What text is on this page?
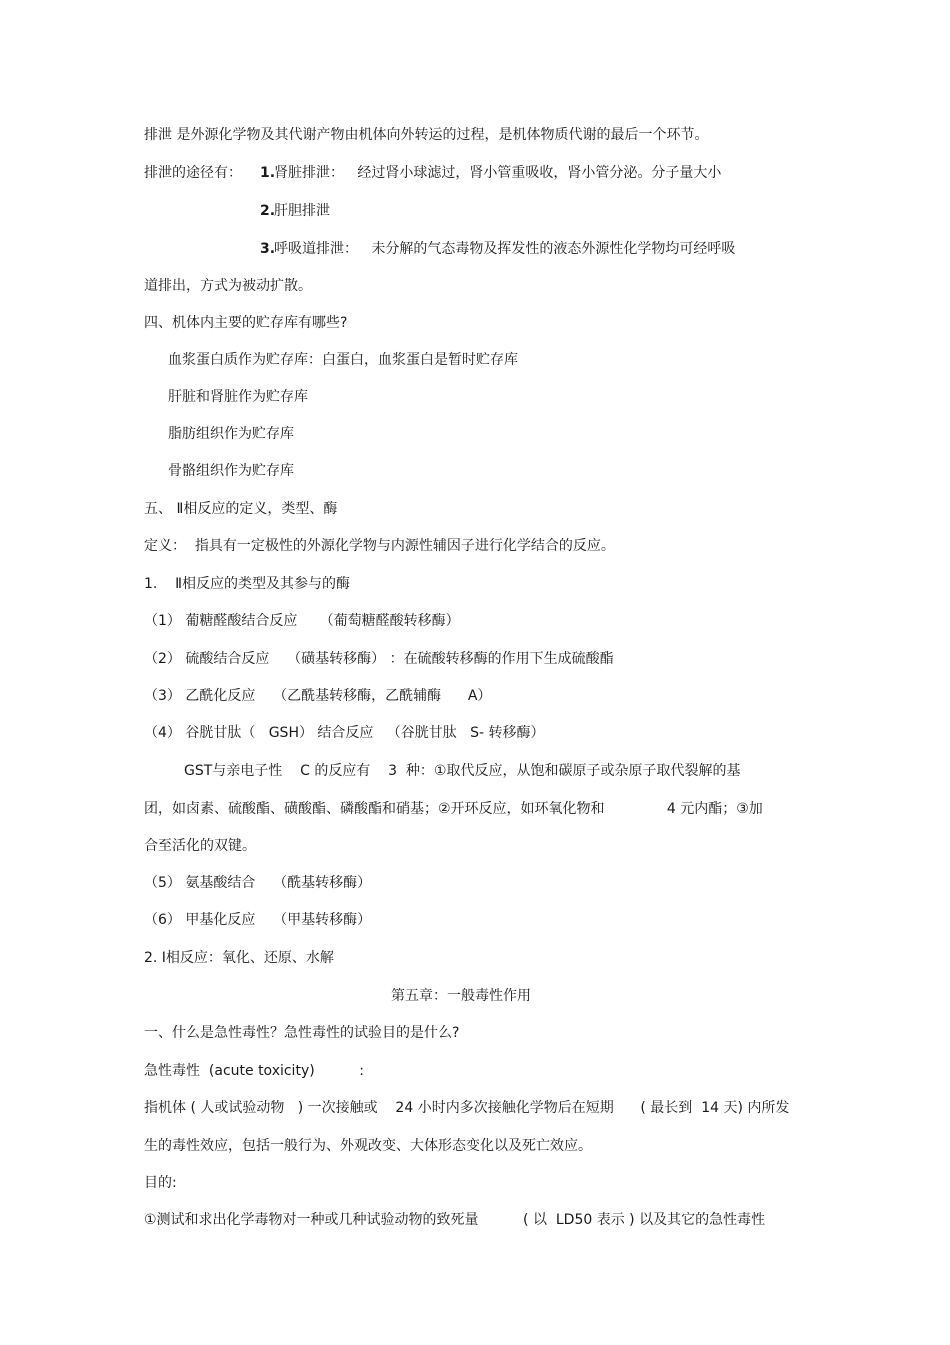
排泄 是外源化学物及其代谢产物由机体向外转运的过程，是机体物质代谢的最后一个环节。
排泄的途径有： 1.
肾脏排泄：   经过肾小球滤过，肾小管重吸收，肾小管分泌。分子量大小
2.
肝胆排泄
3.
呼吸道排泄：   未分解的气态毒物及挥发性的液态外源性化学物均可经呼吸
道排出，方式为被动扩散。
四、机体内主要的贮存库有哪些?
血浆蛋白质作为贮存库：白蛋白，血浆蛋白是暂时贮存库
肝脏和肾脏作为贮存库
脂肪组织作为贮存库
骨骼组织作为贮存库
五、 Ⅱ相反应的定义，类型、酶
定义：  指具有一定极性的外源化学物与内源性辅因子进行化学结合的反应。
1.    Ⅱ相反应的类型及其参与的酶
（1） 葡糖醛酸结合反应     （葡萄糖醛酸转移酶）
（2） 硫酸结合反应    （磺基转移酶） ：在硫酸转移酶的作用下生成硫酸酯
（3） 乙酰化反应    （乙酰基转移酶，乙酰辅酶      A）
（4） 谷胱甘肽（   GSH） 结合反应   （谷胱甘肽   S- 转移酶）
GST与亲电子性    C 的反应有    3  种：①取代反应，从饱和碳原子或杂原子取代裂解的基
团，如卤素、硫酸酯、磺酸酯、磷酸酯和硝基；②开环反应，如环氧化物和              4 元内酯；③加
合至活化的双键。
（5） 氨基酸结合    （酰基转移酶）
（6） 甲基化反应    （甲基转移酶）
2. Ⅰ相反应：氧化、还原、水解
第五章：一般毒性作用
一、什么是急性毒性？急性毒性的试验目的是什么?
急性毒性  (acute toxicity)          :
指机体 ( 人或试验动物   ) 一次接触或    24 小时内多次接触化学物后在短期      ( 最长到  14 天) 内所发
生的毒性效应，包括一般行为、外观改变、大体形态变化以及死亡效应。
目的:
①测试和求出化学毒物对一种或几种试验动物的致死量          ( 以  LD50 表示 ) 以及其它的急性毒性
